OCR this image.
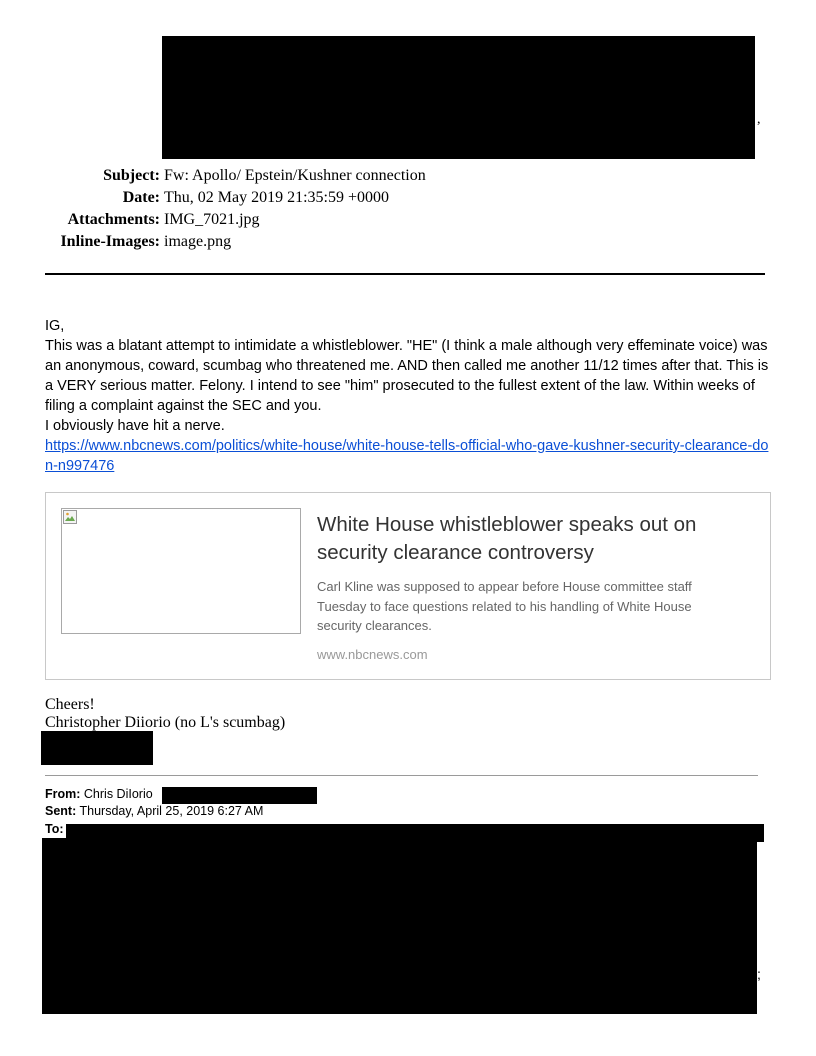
,
Subject: Fw: Apollo/ Epstein/Kushner connection
Date: Thu, 02 May 2019 21:35:59 +0000
Attachments: IMG_7021.jpg
Inline-Images: image.png

IG,

This was a blatant attempt to intimidate a whistleblower. "HE" (I think a male although very effeminate voice) was an anonymous, coward, scumbag who threatened me. AND then called me another 11/12 times after that. This is a VERY serious matter. Felony. I intend to see "him" prosecuted to the fullest extent of the law. Within weeks of filing a complaint against the SEC and you.

I obviously have hit a nerve.

https://www.nbcnews.com/politics/white-house/white-house-tells-official-who-gave-kushner-security-clearance-don-n997476

White House whistleblower speaks out on security clearance controversy
Carl Kline was supposed to appear before House committee staff Tuesday to face questions related to his handling of White House security clearances.
www.nbcnews.com
Cheers!
Christopher Diiorio (no L's scumbag)
From: Chris DiIorio
Sent: Thursday, April 25, 2019 6:27 AM
To:
;
